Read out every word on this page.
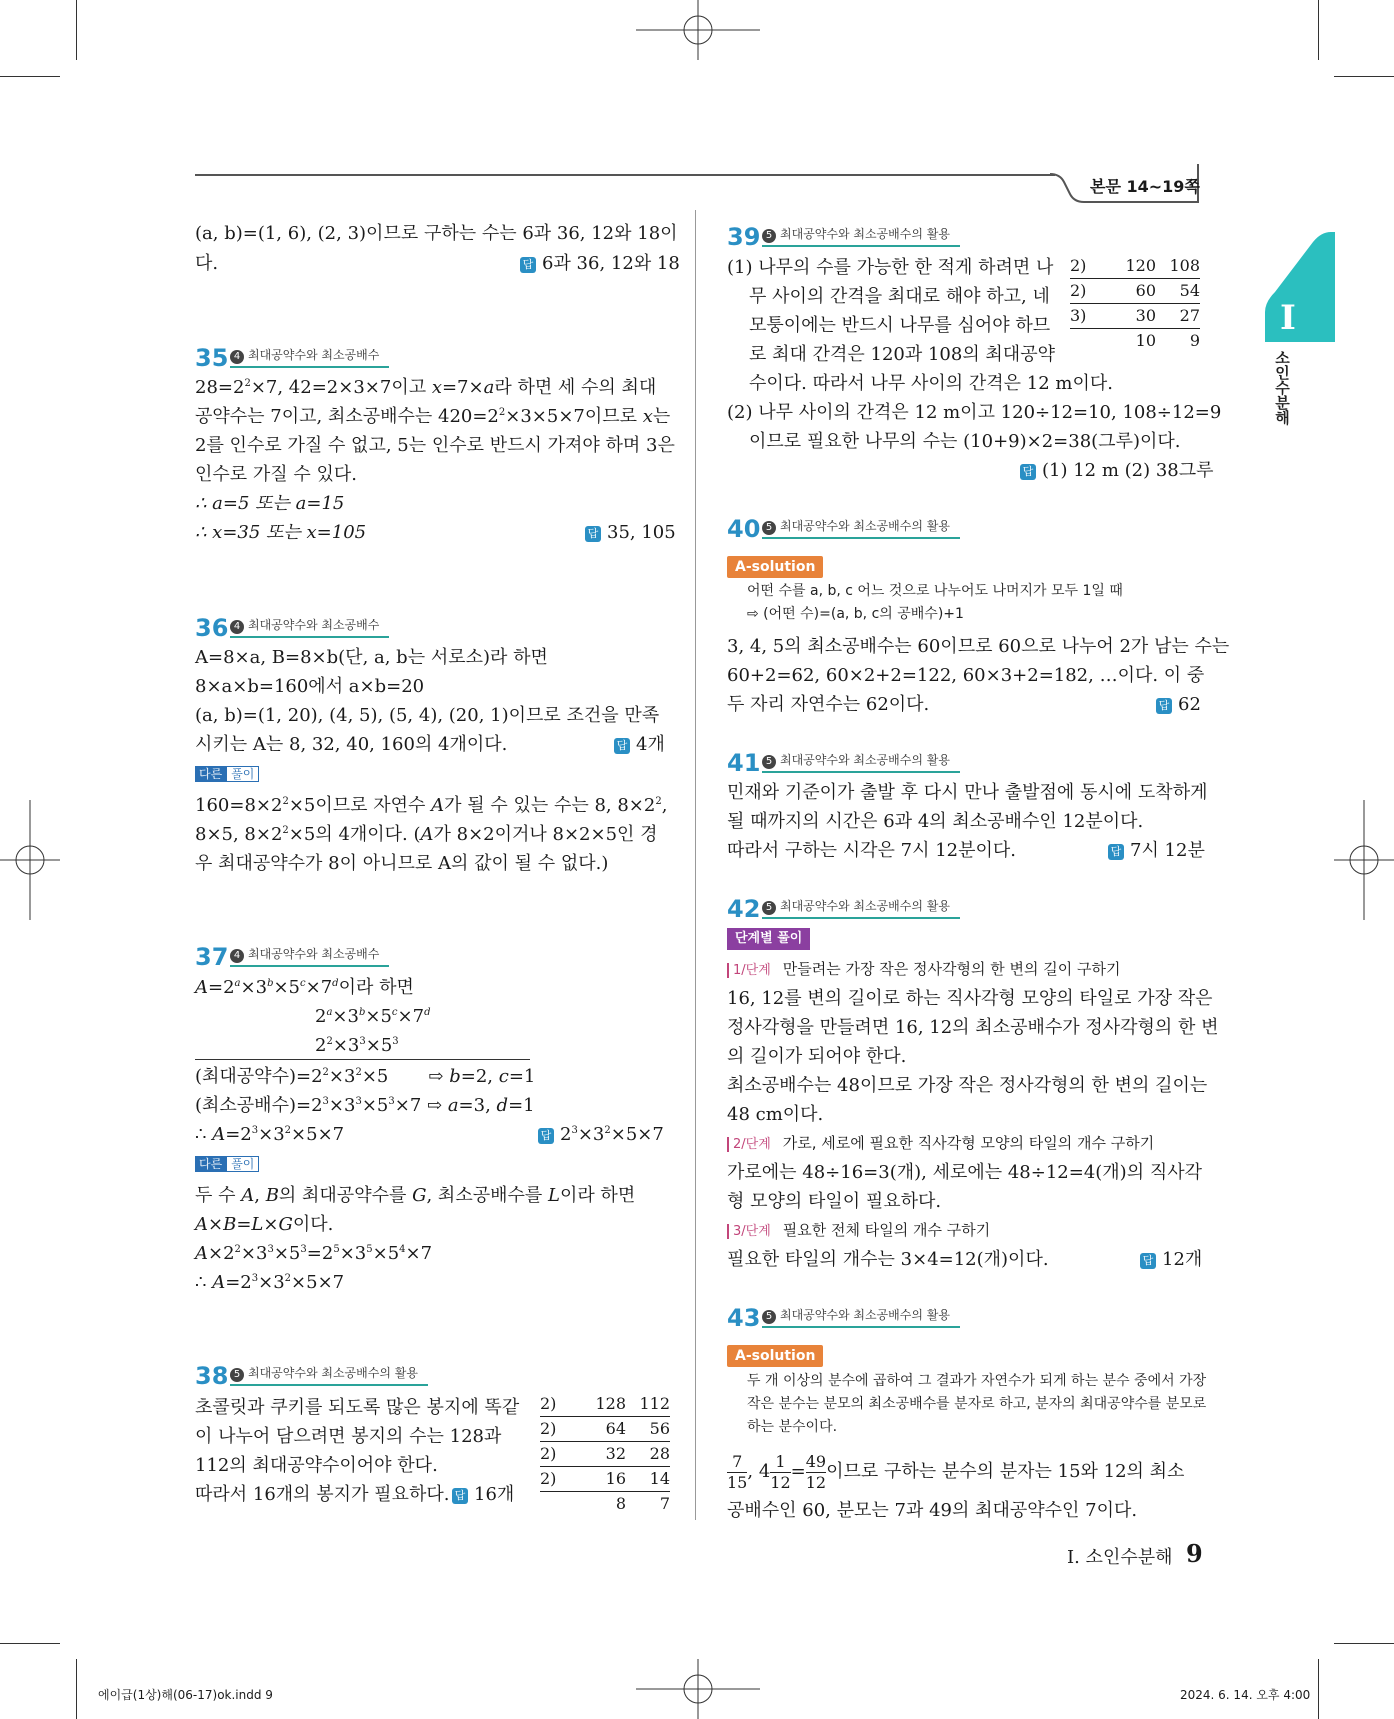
본문 14~19쪽
I
소인수분해
(a, b)=(1, 6), (2, 3)이므로 구하는 수는 6과 36, 12와 18이
다.	답 6과 36, 12와 18
35 4 최대공약수와 최소공배수
$28=2^2\times 7$, 42=2×3×7이고 x=7×a라 하면 세 수의 최대
공약수는 7이고, 최소공배수는 $420=2^2\times 3\times 5\times 7$이므로 x는
2를 인수로 가질 수 없고, 5는 인수로 반드시 가져야 하며 3은
인수로 가질 수 있다.
∴ a=5 또는 a=15
∴ x=35 또는 x=105	답 35, 105
36 4 최대공약수와 최소공배수
A=8×a, B=8×b(단, a, b는 서로소)라 하면
8×a×b=160에서 a×b=20
(a, b)=(1, 20), (4, 5), (5, 4), (20, 1)이므로 조건을 만족
시키는 A는 8, 32, 40, 160의 4개이다.	답 4개
다른 풀이
$160=8\times 2^2\times 5$이므로 자연수 A가 될 수 있는 수는 8, $8\times 2^2$,
8×5, $8\times 2^2\times 5$의 4개이다. (A가 8×2이거나 8×2×5인 경
우 최대공약수가 8이 아니므로 A의 값이 될 수 없다.)
37 4 최대공약수와 최소공배수
$A=2^a\times 3^b\times 5^c\times 7^d$이라 하면
$2^a\times 3^b\times 5^c\times 7^d$
$2^2\times 3^3\times 5^3$
(최대공약수)$=2^2\times 3^2\times 5$       ⇨ b=2, c=1
(최소공배수)$=2^3\times 3^3\times 5^3\times 7$ ⇨ a=3, d=1
∴ $A=2^3\times 3^2\times 5\times 7$	답 $2^3\times 3^2\times 5\times 7$
다른 풀이
두 수 A, B의 최대공약수를 G, 최소공배수를 L이라 하면
A×B=L×G이다.
$A\times 2^2\times 3^3\times 5^3=2^5\times 3^5\times 5^4\times 7$
∴ $A=2^3\times 3^2\times 5\times 7$
38 5 최대공약수와 최소공배수의 활용
초콜릿과 쿠키를 되도록 많은 봉지에 똑같
이 나누어 담으려면 봉지의 수는 128과
112의 최대공약수이어야 한다.
따라서 16개의 봉지가 필요하다. 답 16개
2) 128 112
2)	64 56
2)	32 28
2)	16 14
8 7
39 5 최대공약수와 최소공배수의 활용
(1) 나무의 수를 가능한 한 적게 하려면 나
무 사이의 간격을 최대로 해야 하고, 네
모퉁이에는 반드시 나무를 심어야 하므
로 최대 간격은 120과 108의 최대공약
수이다. 따라서 나무 사이의 간격은 12 m이다.
(2) 나무 사이의 간격은 12 m이고 120÷12=10, 108÷12=9
이므로 필요한 나무의 수는 (10+9)×2=38(그루)이다.
답 (1) 12 m (2) 38그루
2) 120 108
2)	60 54
3)	30 27
10 9
40 5 최대공약수와 최소공배수의 활용
A-solution
어떤 수를 a, b, c 어느 것으로 나누어도 나머지가 모두 1일 때
⇨ (어떤 수)=(a, b, c의 공배수)+1
3, 4, 5의 최소공배수는 60이므로 60으로 나누어 2가 남는 수는
60+2=62, 60×2+2=122, 60×3+2=182, …이다. 이 중
두 자리 자연수는 62이다.	답 62
41 5 최대공약수와 최소공배수의 활용
민재와 기준이가 출발 후 다시 만나 출발점에 동시에 도착하게
될 때까지의 시간은 6과 4의 최소공배수인 12분이다.
따라서 구하는 시각은 7시 12분이다.	답 7시 12분
42 5 최대공약수와 최소공배수의 활용
단계별 풀이
1/단계 만들려는 가장 작은 정사각형의 한 변의 길이 구하기
16, 12를 변의 길이로 하는 직사각형 모양의 타일로 가장 작은
정사각형을 만들려면 16, 12의 최소공배수가 정사각형의 한 변
의 길이가 되어야 한다.
최소공배수는 48이므로 가장 작은 정사각형의 한 변의 길이는
48 cm이다.
2/단계 가로, 세로에 필요한 직사각형 모양의 타일의 개수 구하기
가로에는 48÷16=3(개), 세로에는 48÷12=4(개)의 직사각
형 모양의 타일이 필요하다.
3/단계 필요한 전체 타일의 개수 구하기
필요한 타일의 개수는 3×4=12(개)이다.	답 12개
43 5 최대공약수와 최소공배수의 활용
A-solution
두 개 이상의 분수에 곱하여 그 결과가 자연수가 되게 하는 분수 중에서 가장
작은 분수는 분모의 최소공배수를 분자로 하고, 분자의 최대공약수를 분모로
하는 분수이다.
$\frac{7}{15}$ , $4 \frac{1}{12} = \frac{49}{12}$ 이므로 구하는 분수의 분자는 15와 12의 최소
공배수인 60, 분모는 7과 49의 최대공약수인 7이다.
I. 소인수분해 9
에이급(1상)해(06-17)ok.indd 9	2024. 6. 14. 오후 4:00
